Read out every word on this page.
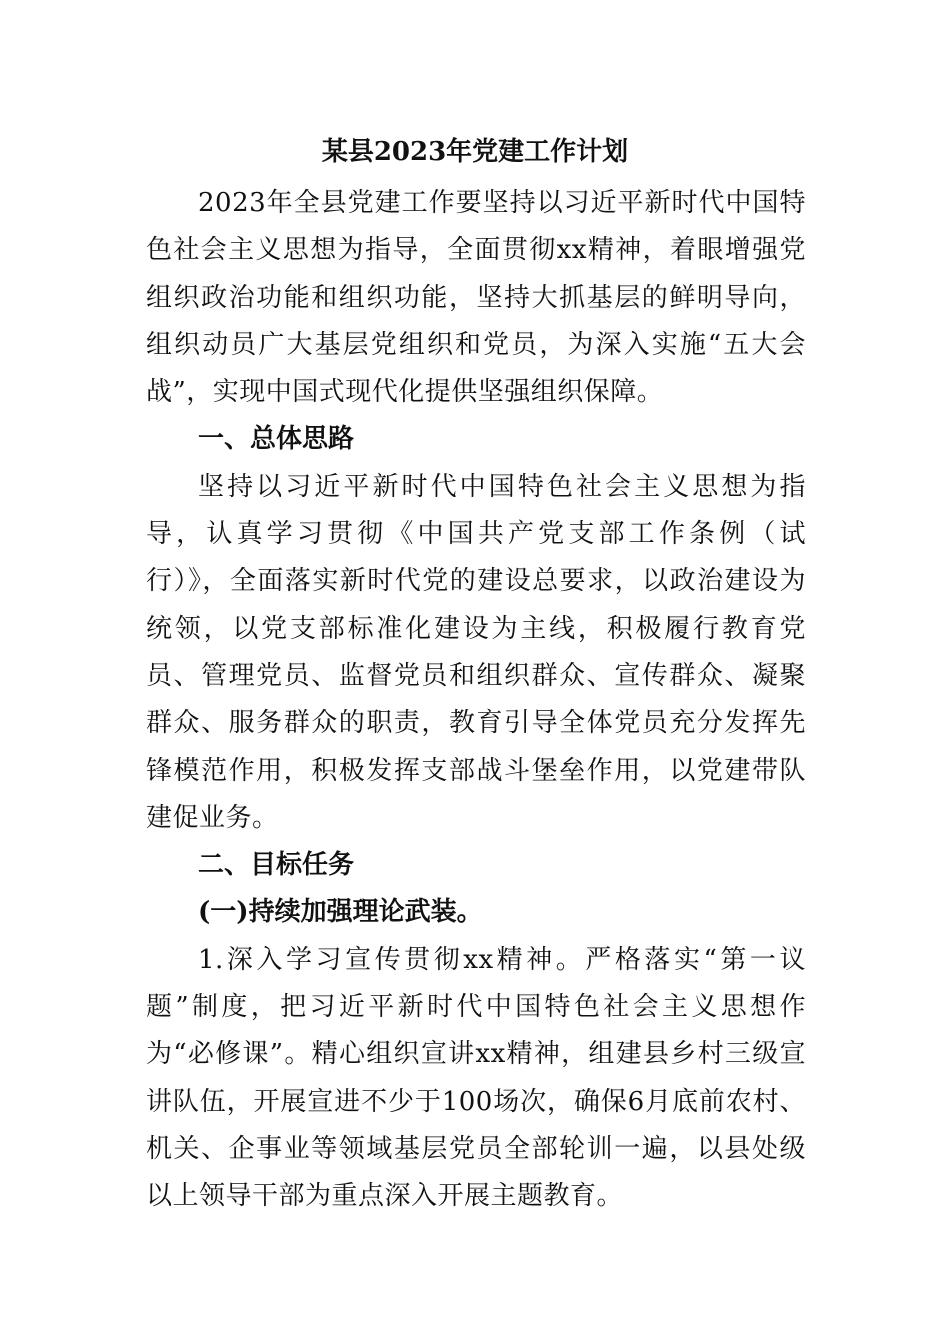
某县2023年党建工作计划

2023年全县党建工作要坚持以习近平新时代中国特色社会主义思想为指导，全面贯彻xx精神，着眼增强党组织政治功能和组织功能，坚持大抓基层的鲜明导向，组织动员广大基层党组织和党员，为深入实施“五大会战”，实现中国式现代化提供坚强组织保障。

一、总体思路

坚持以习近平新时代中国特色社会主义思想为指导，认真学习贯彻《中国共产党支部工作条例（试行）》，全面落实新时代党的建设总要求，以政治建设为统领，以党支部标准化建设为主线，积极履行教育党员、管理党员、监督党员和组织群众、宣传群众、凝聚群众、服务群众的职责，教育引导全体党员充分发挥先锋模范作用，积极发挥支部战斗堡垒作用，以党建带队建促业务。

二、目标任务

(一)持续加强理论武装。

1.深入学习宣传贯彻xx精神。严格落实“第一议题”制度，把习近平新时代中国特色社会主义思想作为“必修课”。精心组织宣讲xx精神，组建县乡村三级宣讲队伍，开展宣进不少于100场次，确保6月底前农村、机关、企事业等领域基层党员全部轮训一遍，以县处级以上领导干部为重点深入开展主题教育。
